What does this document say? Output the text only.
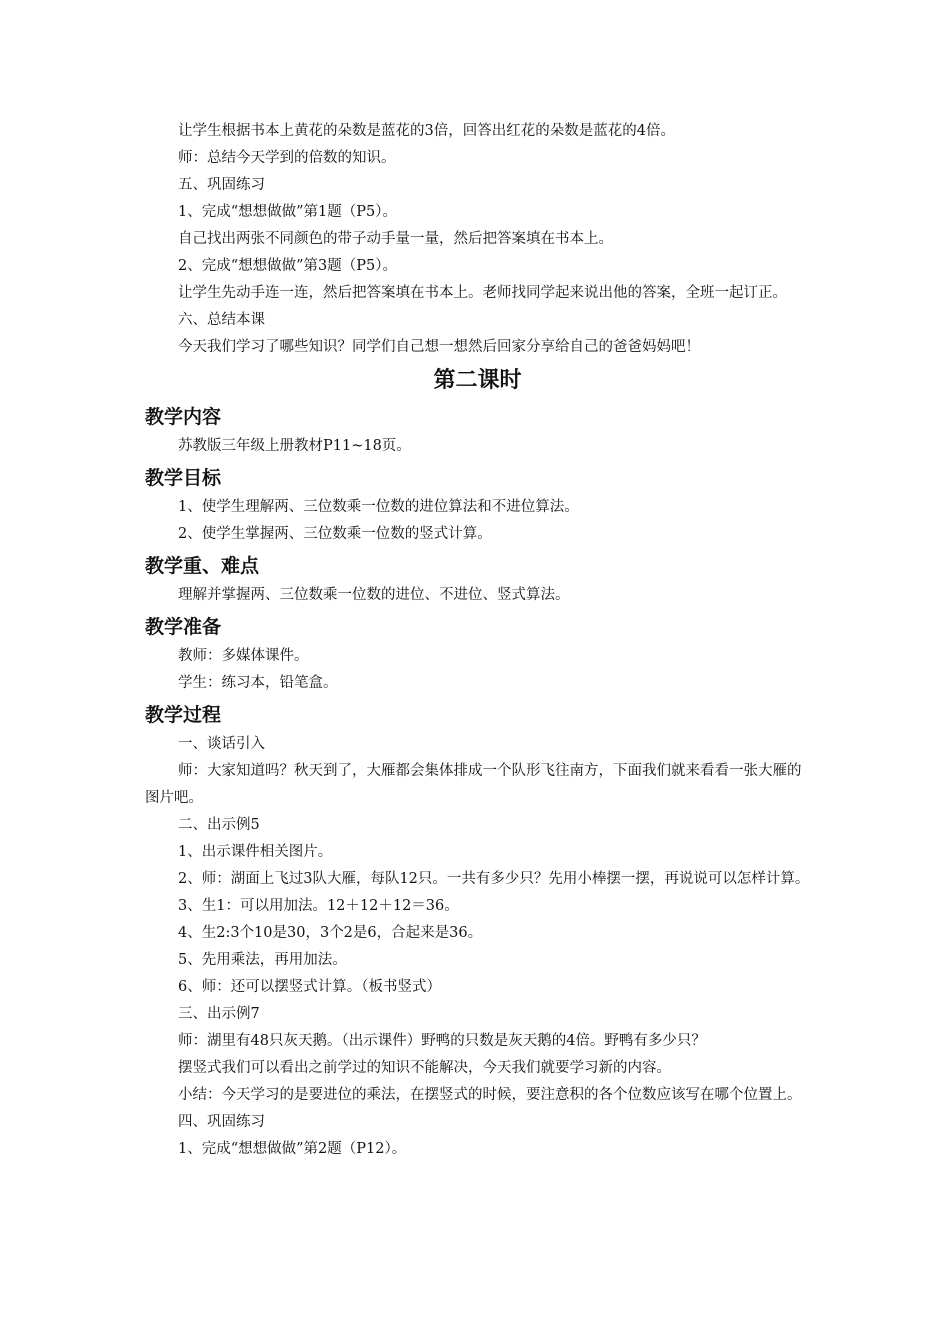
让学生根据书本上黄花的朵数是蓝花的3倍，回答出红花的朵数是蓝花的4倍。

师：总结今天学到的倍数的知识。

五、巩固练习

1、完成“想想做做”第1题（P5）。

自己找出两张不同颜色的带子动手量一量，然后把答案填在书本上。

2、完成“想想做做”第3题（P5）。

让学生先动手连一连，然后把答案填在书本上。老师找同学起来说出他的答案，全班一起订正。

六、总结本课

今天我们学习了哪些知识？同学们自己想一想然后回家分享给自己的爸爸妈妈吧！

第二课时
教学内容

苏教版三年级上册教材P11~18页。

教学目标

1、使学生理解两、三位数乘一位数的进位算法和不进位算法。

2、使学生掌握两、三位数乘一位数的竖式计算。

教学重、难点

理解并掌握两、三位数乘一位数的进位、不进位、竖式算法。

教学准备

教师：多媒体课件。

学生：练习本，铅笔盒。

教学过程

一、谈话引入

师：大家知道吗？秋天到了，大雁都会集体排成一个队形飞往南方，下面我们就来看看一张大雁的图片吧。

二、出示例5

1、出示课件相关图片。

2、师：湖面上飞过3队大雁，每队12只。一共有多少只？先用小棒摆一摆，再说说可以怎样计算。

3、生1：可以用加法。12＋12＋12＝36。

4、生2:3个10是30，3个2是6，合起来是36。

5、先用乘法，再用加法。

6、师：还可以摆竖式计算。（板书竖式）

三、出示例7

师：湖里有48只灰天鹅。（出示课件）野鸭的只数是灰天鹅的4倍。野鸭有多少只？

摆竖式我们可以看出之前学过的知识不能解决，今天我们就要学习新的内容。

小结：今天学习的是要进位的乘法，在摆竖式的时候，要注意积的各个位数应该写在哪个位置上。

四、巩固练习

1、完成“想想做做”第2题（P12）。
